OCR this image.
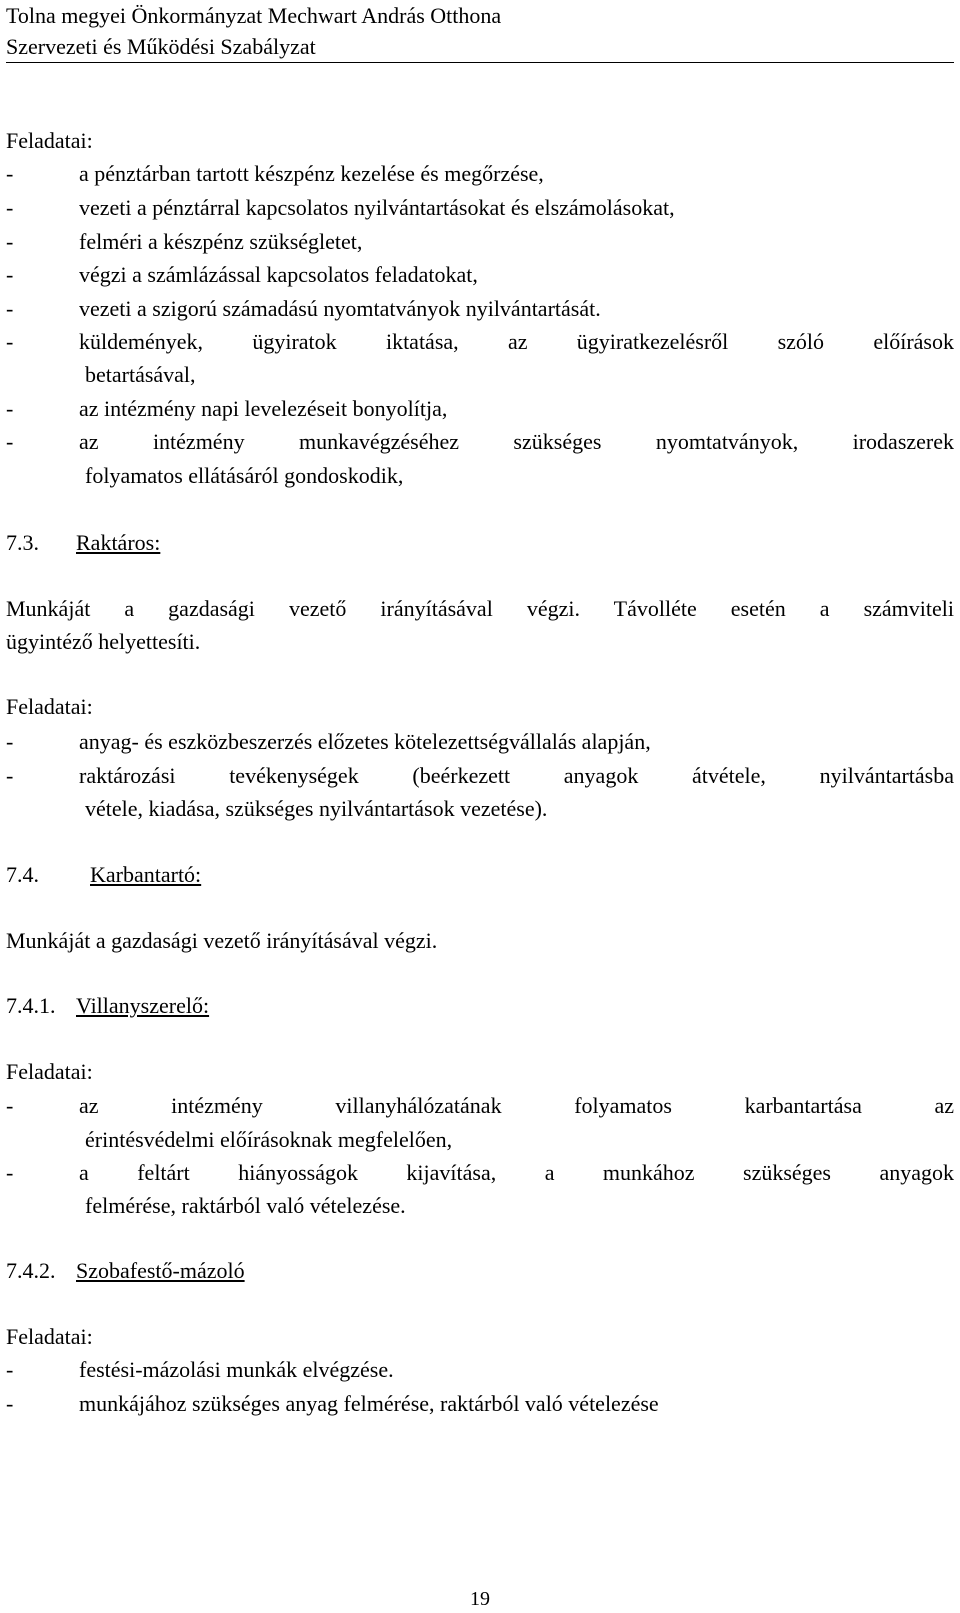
Tolna megyei Önkormányzat Mechwart András Otthona
Szervezeti és Működési Szabályzat
Feladatai:
-	a pénztárban tartott készpénz kezelése és megőrzése,
-	vezeti a pénztárral kapcsolatos nyilvántartásokat és elszámolásokat,
-	felméri a készpénz szükségletet,
-	végzi a számlázással kapcsolatos feladatokat,
-	vezeti a szigorú számadású nyomtatványok nyilvántartását.
-	küldemények, ügyiratok iktatása, az ügyiratkezelésről szóló előírások
betartásával,
-	az intézmény napi levelezéseit bonyolítja,
-	az intézmény munkavégzéséhez szükséges nyomtatványok, irodaszerek
folyamatos ellátásáról gondoskodik,
7.3. Raktáros:
Munkáját a gazdasági vezető irányításával végzi. Távolléte esetén a számviteli
ügyintéző helyettesíti.
Feladatai:
-	anyag- és eszközbeszerzés előzetes kötelezettségvállalás alapján,
-	raktározási tevékenységek (beérkezett anyagok átvétele, nyilvántartásba
vétele, kiadása, szükséges nyilvántartások vezetése).
7.4. Karbantartó:
Munkáját a gazdasági vezető irányításával végzi.
7.4.1. Villanyszerelő:
Feladatai:
-	az intézmény villanyhálózatának folyamatos karbantartása az
érintésvédelmi előírásoknak megfelelően,
-	a feltárt hiányosságok kijavítása, a munkához szükséges anyagok
felmérése, raktárból való vételezése.
7.4.2. Szobafestő-mázoló
Feladatai:
-	festési-mázolási munkák elvégzése.
-	munkájához szükséges anyag felmérése, raktárból való vételezése
19
